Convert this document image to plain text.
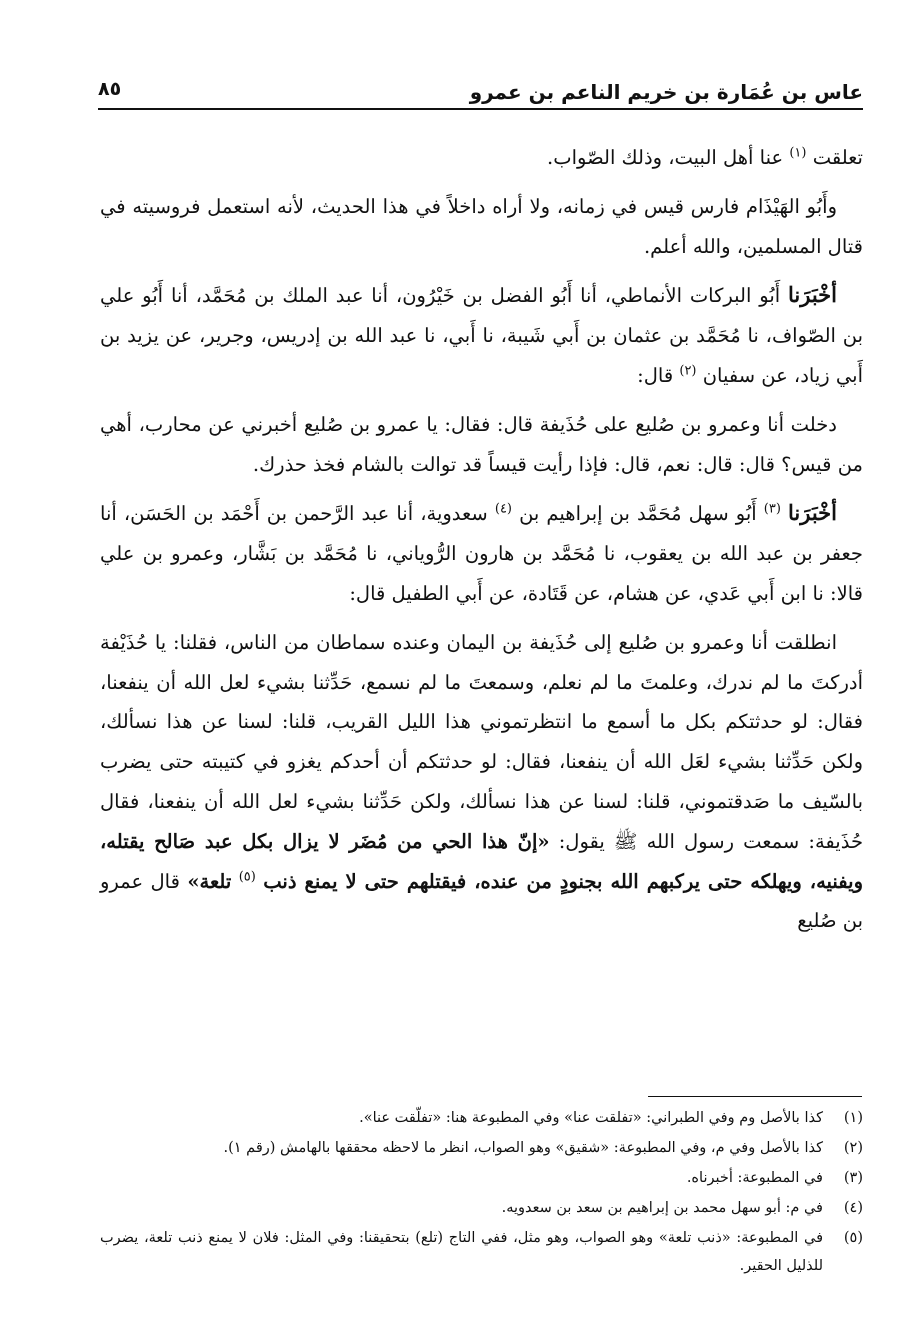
عاس بن عُمَارة بن خريم الناعم بن عمرو
٨٥

تعلقت $^{(١)}$ عنا أهل البيت، وذلك الصّواب.

وأَبُو الهَيْذَام فارس قيس في زمانه، ولا أراه داخلاً في هذا الحديث، لأنه استعمل فروسيته في قتال المسلمين، والله أعلم.

أخْبَرَنا أَبُو البركات الأنماطي، أنا أَبُو الفضل بن خَيْرُون، أنا عبد الملك بن مُحَمَّد، أنا أَبُو علي بن الصّواف، نا مُحَمَّد بن عثمان بن أَبي شَيبة، نا أَبي، نا عبد الله بن إدريس، وجرير، عن يزيد بن أَبي زياد، عن سفيان $^{(٢)}$ قال:

دخلت أنا وعمرو بن صُليع على حُذَيفة قال: فقال: يا عمرو بن صُليع أخبرني عن محارب، أهي من قيس؟ قال: قال: نعم، قال: فإذا رأيت قيساً قد توالت بالشام فخذ حذرك.

أخْبَرَنا $^{(٣)}$ أَبُو سهل مُحَمَّد بن إبراهيم بن $^{(٤)}$ سعدوية، أنا عبد الرَّحمن بن أَحْمَد بن الحَسَن، أنا جعفر بن عبد الله بن يعقوب، نا مُحَمَّد بن هارون الرُّوياني، نا مُحَمَّد بن بَشَّار، وعمرو بن علي قالا: نا ابن أَبي عَدي، عن هشام، عن قَتَادة، عن أَبي الطفيل قال:

انطلقت أنا وعمرو بن صُليع إلى حُذَيفة بن اليمان وعنده سماطان من الناس، فقلنا: يا حُذَيْفة أدركتَ ما لم ندرك، وعلمتَ ما لم نعلم، وسمعتَ ما لم نسمع، حَدِّثنا بشيء لعل الله أن ينفعنا، فقال: لو حدثتكم بكل ما أسمع ما انتظرتموني هذا الليل القريب، قلنا: لسنا عن هذا نسألك، ولكن حَدِّثنا بشيء لعَل الله أن ينفعنا، فقال: لو حدثتكم أن أحدكم يغزو في كتيبته حتى يضرب بالسّيف ما صَدقتموني، قلنا: لسنا عن هذا نسألك، ولكن حَدِّثنا بشيء لعل الله أن ينفعنا، فقال حُذَيفة: سمعت رسول الله ﷺ يقول: «إنّ هذا الحي من مُضَر لا يزال بكل عبد صَالح يقتله، ويفنيه، ويهلكه حتى يركبهم الله بجنودٍ من عنده، فيقتلهم حتى لا يمنع ذنب $^{(٥)}$ تلعة» قال عمرو بن صُليع

(١)
كذا بالأصل وم وفي الطبراني: «تفلقت عنا» وفي المطبوعة هنا: «تفلّقت عنا».
(٢)
كذا بالأصل وفي م، وفي المطبوعة: «شقيق» وهو الصواب، انظر ما لاحظه محققها بالهامش (رقم ١).
(٣)
في المطبوعة: أخبرناه.
(٤)
في م: أبو سهل محمد بن إبراهيم بن سعد بن سعدويه.
(٥)
في المطبوعة: «ذنب تلعة» وهو الصواب، وهو مثل، ففي التاج (تلع) بتحقيقنا: وفي المثل: فلان لا يمنع ذنب تلعة، يضرب للذليل الحقير.
